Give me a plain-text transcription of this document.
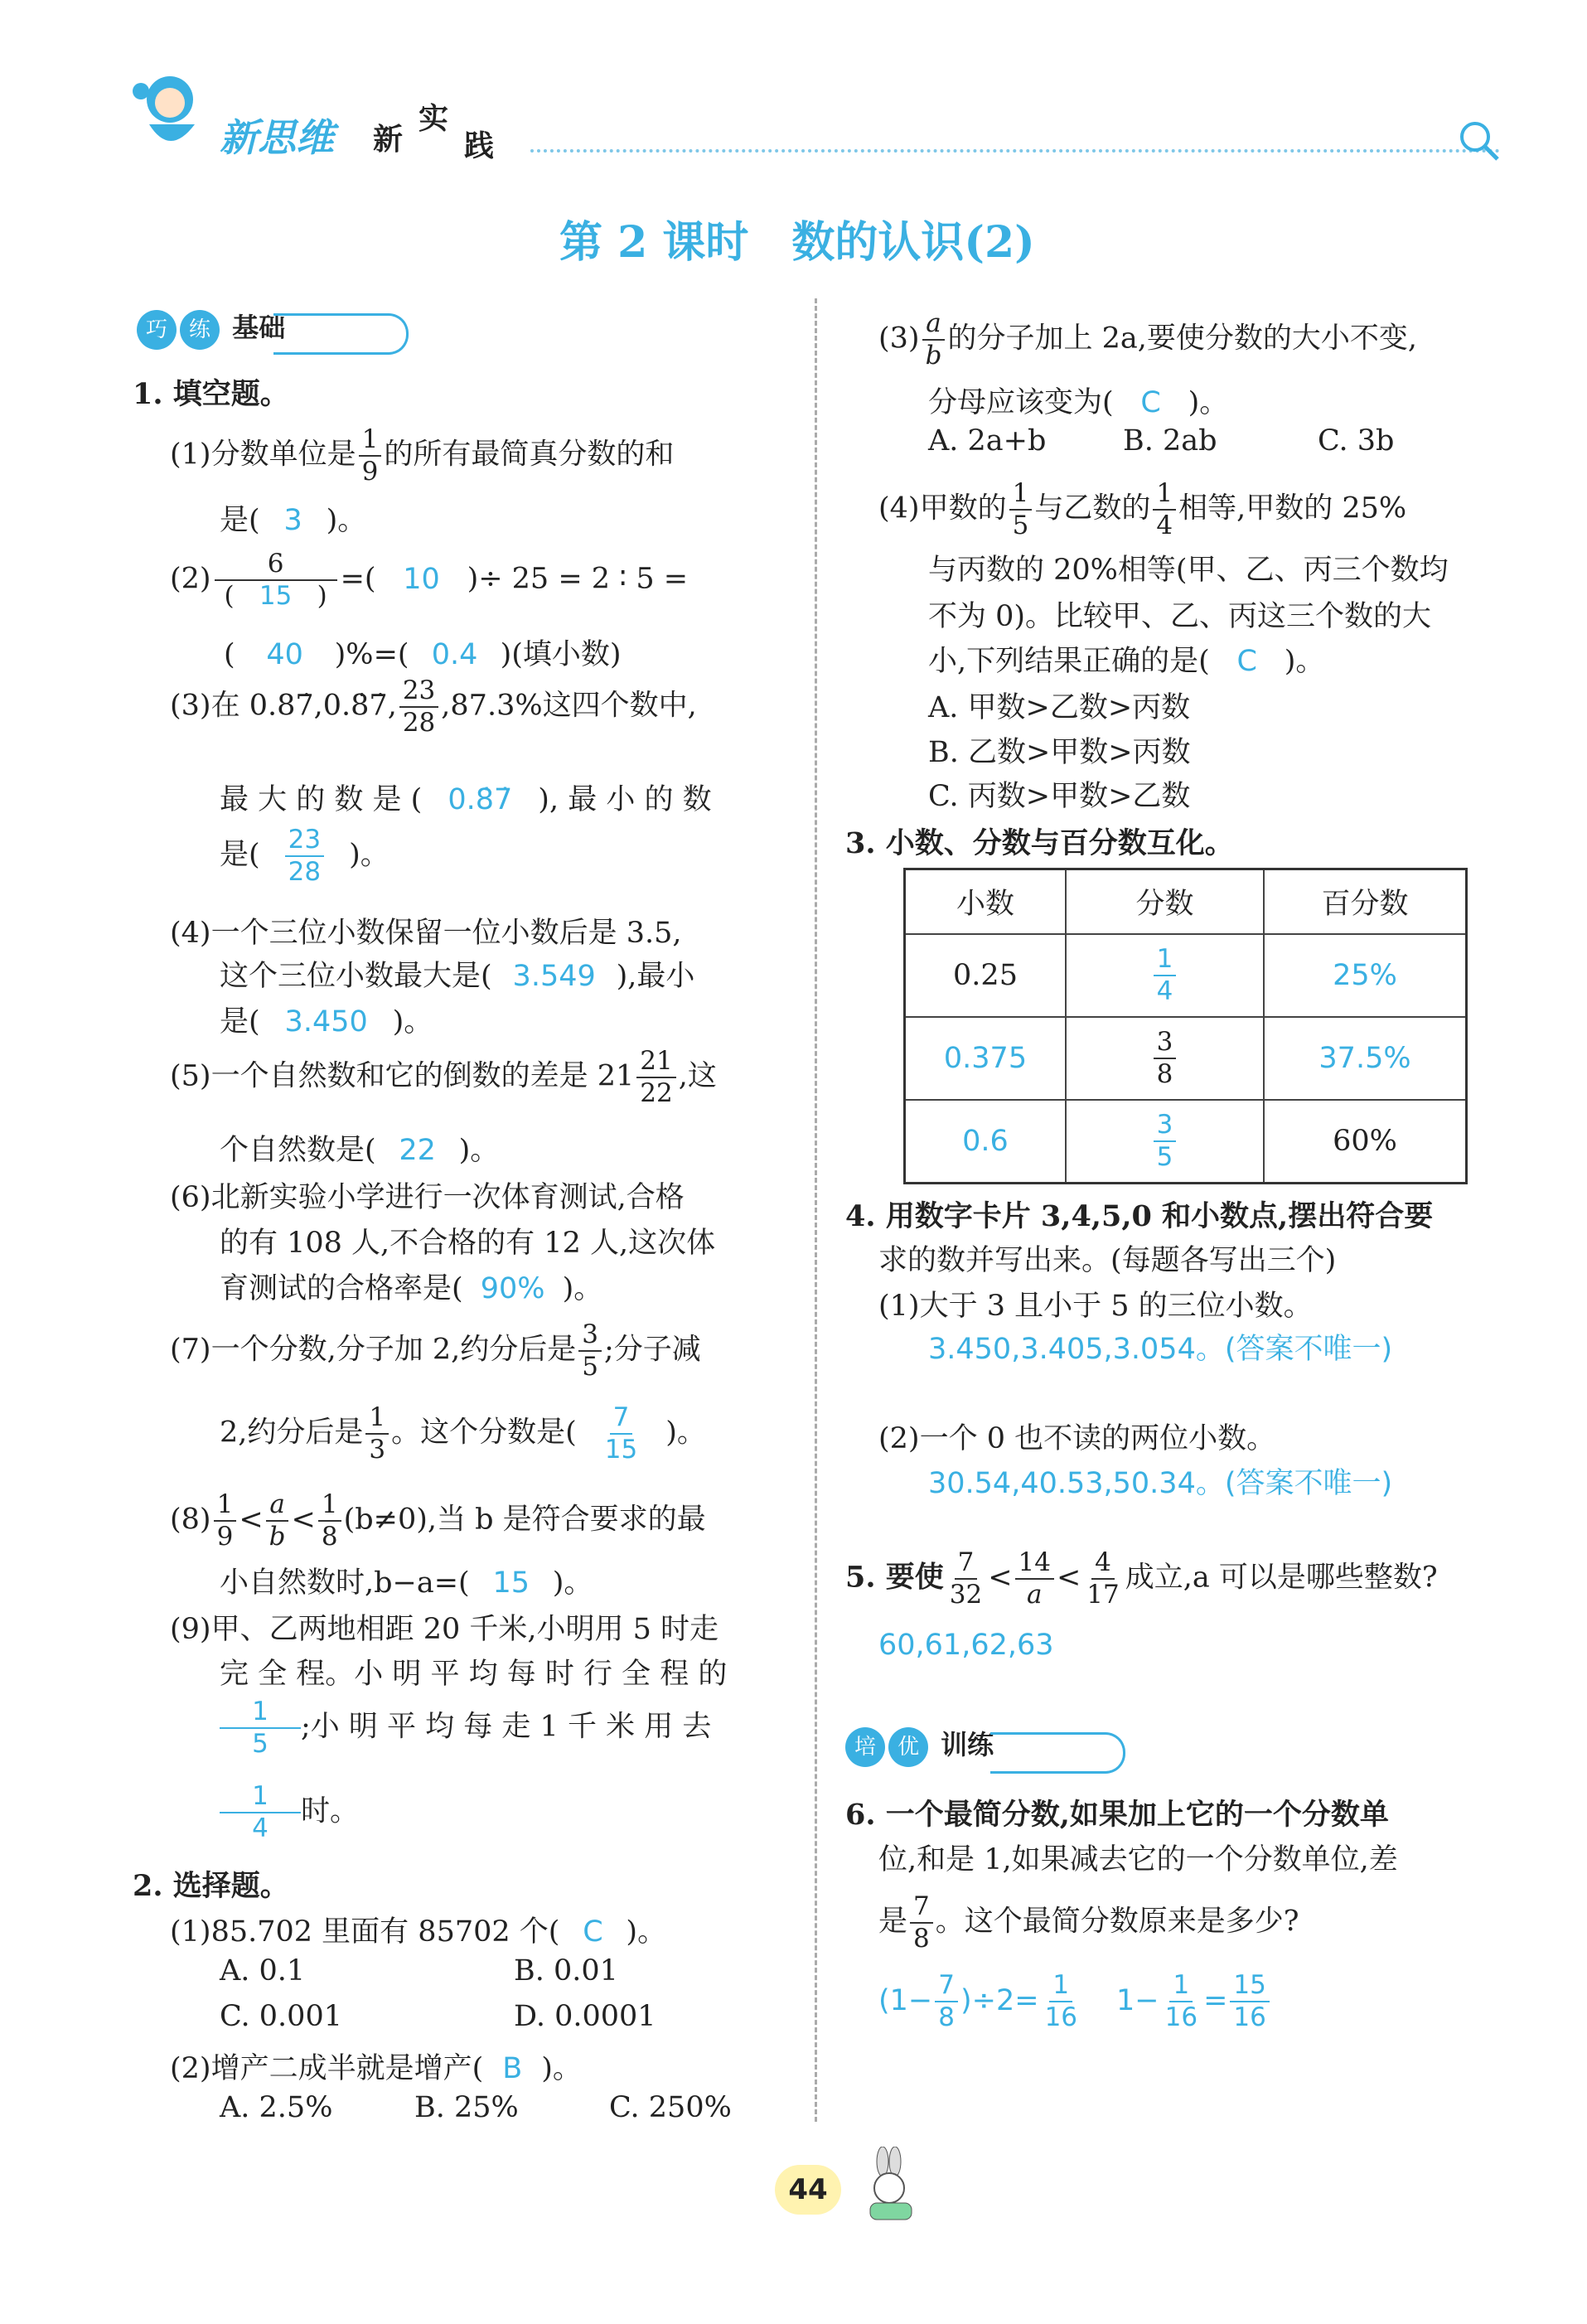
新思维 新
实
践
第 2 课时　数的认识(2)
巧 练 基础
1. 填空题。
(1)分数单位是 $\frac{1}{9}$ 的所有最简真分数的和
是( 3 )。
$(2) \frac{6}{( 15 )}$ =( 10 )÷ 25 = 2 ∶ 5 =
( 40 )%=( 0.4 )(填小数)
(3)在 0.87̇,0.8̇7̇, $\frac{23}{28} ,87.3\%$这四个数中,
最 大 的 数 是 ( 0.8̇7̇ ), 最 小 的 数
是( $\frac{23}{28}$ )。
(4)一个三位小数保留一位小数后是 3.5,
这个三位小数最大是( 3.549 ),最小
是( 3.450 )。
(5)一个自然数和它的倒数的差是 $21 \frac{21}{22}$ ,这
个自然数是( 22 )。
(6)北新实验小学进行一次体育测试,合格
的有 108 人,不合格的有 12 人,这次体
育测试的合格率是( 90% )。
(7)一个分数,分子加 2,约分后是 $\frac{3}{5}$ ;分子减
2,约分后是 $\frac{1}{3}$ 。这个分数是( $\frac{7}{15}$ )。
$(8) \frac{1}{9} < \frac{a}{b} < \frac{1}{8} (b\ne 0)$,当 b 是符合要求的最
小自然数时,b−a=( 15 )。
(9)甲、乙两地相距 20 千米,小明用 5 时走
完 全 程。小 明 平 均 每 时 行 全 程 的
$\frac{1}{5}$ ;小 明 平 均 每 走 1 千 米 用 去
$\frac{1}{4}$ 时。
2. 选择题。
(1)85.702 里面有 85702 个( C )。
A. 0.1	B. 0.01
C. 0.001	D. 0.0001
(2)增产二成半就是增产( B )。
A. 2.5%	B. 25%	C. 250%
$(3) \frac{a}{b}$ 的分子加上 2a,要使分数的大小不变,
分母应该变为( C )。
A. 2a+b	B. 2ab	C. 3b
(4)甲数的 $\frac{1}{5}$ 与乙数的 $\frac{1}{4}$ 相等,甲数的 25%
与丙数的 20%相等(甲、乙、丙三个数均
不为 0)。比较甲、乙、丙这三个数的大
小,下列结果正确的是( C )。
A. 甲数>乙数>丙数
B. 乙数>甲数>丙数
C. 丙数>甲数>乙数
3. 小数、分数与百分数互化。
小数	分数	百分数
0.25	$\frac{1}{4}$	25%
0.375	$\frac{3}{8}$	37.5%
0.6	$\frac{3}{5}$	60%
4. 用数字卡片 3,4,5,0 和小数点,摆出符合要
求的数并写出来。(每题各写出三个)
(1)大于 3 且小于 5 的三位小数。
3.450,3.405,3.054。(答案不唯一)
(2)一个 0 也不读的两位小数。
30.54,40.53,50.34。(答案不唯一)
5. 要使 $\frac{7}{32} < \frac{14}{a} < \frac{4}{17}$ 成立,a 可以是哪些整数?
60,61,62,63
培 优 训练
6. 一个最简分数,如果加上它的一个分数单
位,和是 1,如果减去它的一个分数单位,差
是 $\frac{7}{8}$ 。这个最简分数原来是多少?
$(1- \frac{7}{8} )\div 2= \frac{1}{16} 1- \frac{1}{16} = \frac{15}{16}$
44
